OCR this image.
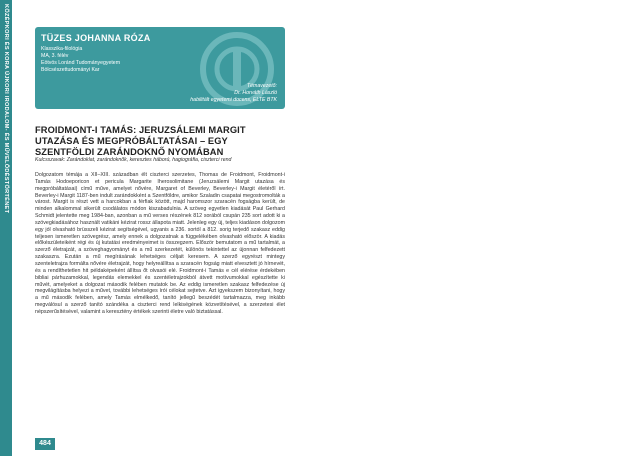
KÖZÉPKORI ÉS KORA ÚJKORI IRODALOM- ÉS MŰVELŐDÉSTÖRTÉNET	TÜZES JOHANNA RÓZA
Klasszika-filológia
MA, 3. félév
Eötvös Loránd Tudományegyetem
Bölcsészettudományi Kar
Témavezető:
Dr. Horváth László
habilitált egyetemi docens, ELTE BTK
FROIDMONT-I TAMÁS: JERUZSÁLEMI MARGIT UTAZÁSA ÉS MEGPRÓBÁLTATÁSAI – EGY SZENTFÖLDI ZARÁNDOKNŐ NYOMÁBAN
Kulcsszavak: Zarándoklat, zarándoknők, keresztes háború, hagiográfia, ciszterci rend

Dolgozatom témája a XII–XIII. században élt ciszterci szerzetes, Thomas de Froidmont, Froidmont-i Tamás Hodoeporicon et pericula Margarite Iherosolimitane (Jeruzsálemi Margit utazása és megpróbáltatásai) című műve, amelyet nővére, Margaret of Beverley, Beverley-i Margit életéről írt. Beverley-i Margit 1187-ben indult zarándokként a Szentföldre, amikor Szaladin csapatai megostromolták a várost. Margit is részt vett a harcokban a férfiak között, majd haromszor szaracén fogságba került, de minden alkalommal sikerült csodálatos módon kiszabadulnia. A szöveg egyetlen kiadását Paul Gerhard Schmidt jelentette meg 1984-ban, azonban a mű verses részének 812 sorából csupán 235 sort adott ki a szövegkiadásához használt vatikáni kézirat rossz állapota miatt. Jelenleg egy új, teljes kiadáson dolgozom egy jól olvasható brüsszeli kézirat segítségével, ugyanis a 236. sortól a 812. sorig terjedő szakasz eddig teljesen ismeretlen szövegrész, amely ennek a dolgozatnak a függelékében olvasható először. A kiadás előkészületeiként régi és új kutatási eredményeimet is összegzem. Először bemutatom a mű tartalmát, a szerző életrajzát, a szöveghagyományt és a mű szerkezetét, különös tekintettel az újonnan felfedezett szakaszra. Ezután a mű megírásának lehetséges céljait keresem. A szerző egyrészt mintegy szenteletrajza formálta nővére életrajzát, hogy helyreállítsa a szaracén fogság miatt elvesztett jó hírnevét, és a rendíthetetlen hit példaképeként állítsa őt olvasói elé. Froidmont-i Tamás e cél elérése érdekében bibliai párhuzamokkal, legendás elemekkel és szentéletrajzokból átvett motívumokkal egészítette ki művét, amelyeket a dolgozat második felében mutatok be. Az eddig ismeretlen szakasz felfedezése új megvilágításba helyezi a művet, további lehetséges írói célokat sejtetve. Azt igyekszem bizonyítani, hogy a mű második felében, amely Tamás elmélkedő, tanító jellegű beszédét tartalmazza, meg inkább megválósul a szerző tanító szándéka a ciszterci rend lelkiségének közvetítésével, a szerzetesi élet népszerűsítésével, valamint a keresztény értékek szerinti életre való biztatással.

484
